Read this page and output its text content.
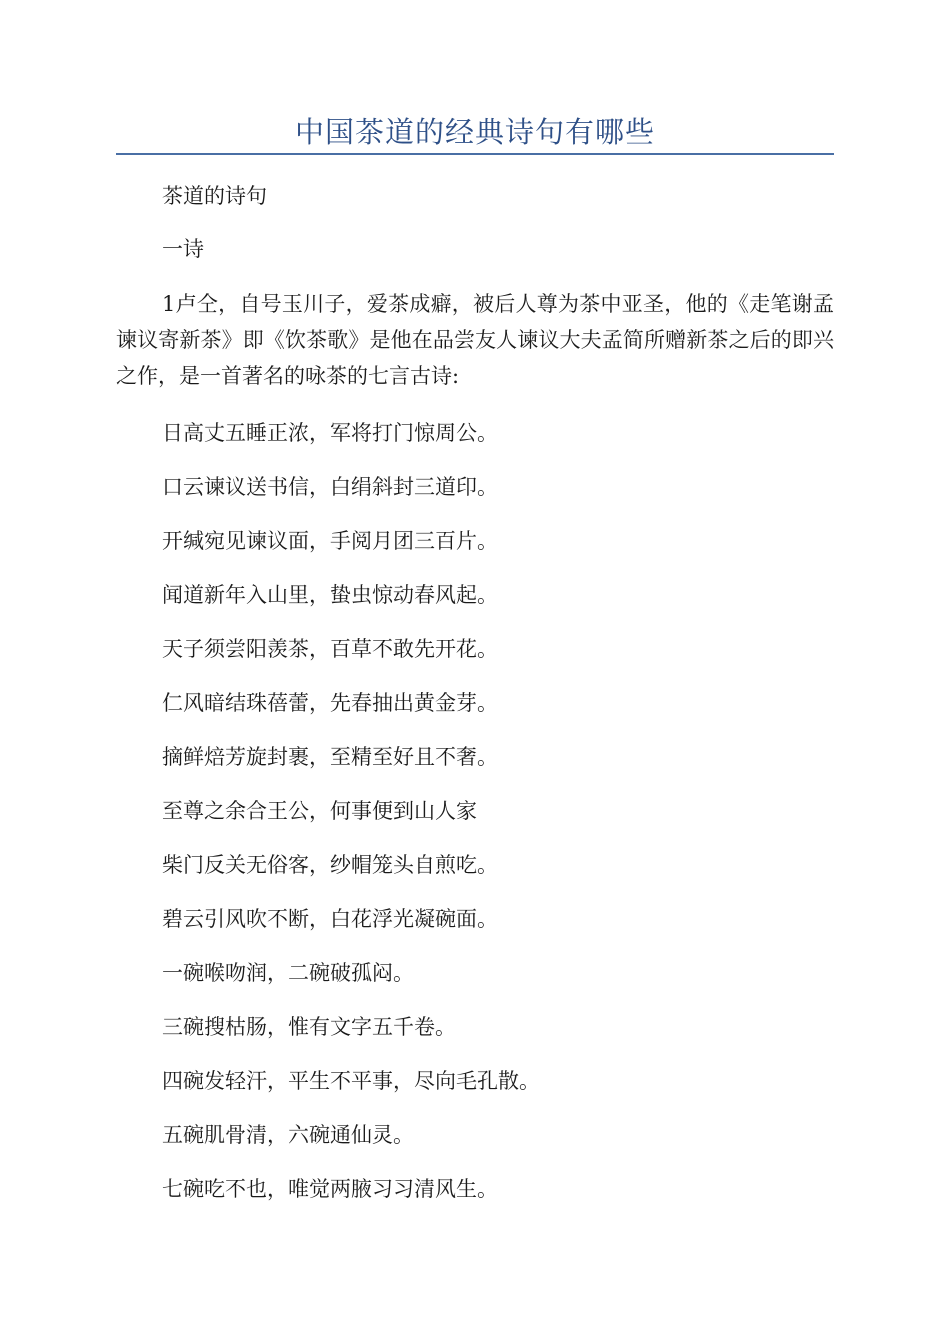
中国茶道的经典诗句有哪些

茶道的诗句

一诗

1卢仝，自号玉川子，爱茶成癖，被后人尊为茶中亚圣，他的《走笔谢孟谏议寄新茶》即《饮茶歌》是他在品尝友人谏议大夫孟简所赠新茶之后的即兴之作，是一首著名的咏茶的七言古诗:

日高丈五睡正浓，军将打门惊周公。
口云谏议送书信，白绢斜封三道印。
开缄宛见谏议面，手阅月团三百片。
闻道新年入山里，蛰虫惊动春风起。
天子须尝阳羡茶，百草不敢先开花。
仁风暗结珠蓓蕾，先春抽出黄金芽。
摘鲜焙芳旋封裹，至精至好且不奢。
至尊之余合王公，何事便到山人家
柴门反关无俗客，纱帽笼头自煎吃。
碧云引风吹不断，白花浮光凝碗面。
一碗喉吻润，二碗破孤闷。
三碗搜枯肠，惟有文字五千卷。
四碗发轻汗，平生不平事，尽向毛孔散。
五碗肌骨清，六碗通仙灵。
七碗吃不也，唯觉两腋习习清风生。
